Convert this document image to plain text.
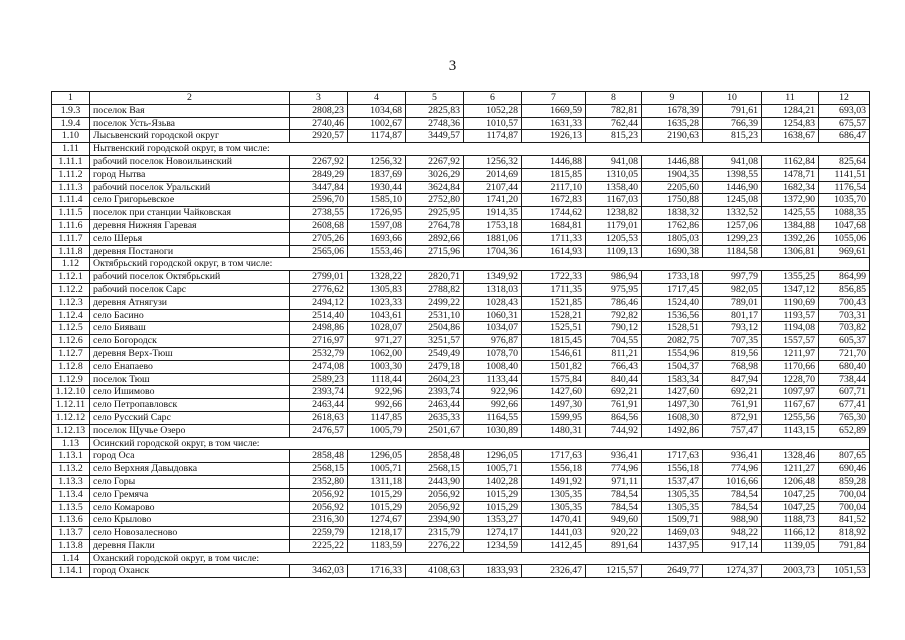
3
1	2	3	4	5	6	7	8	9	10	11	12
1.9.3	поселок Вая	2808,23	1034,68	2825,83	1052,28	1669,59	782,81	1678,39	791,61	1284,21	693,03
1.9.4	поселок Усть-Язьва	2740,46	1002,67	2748,36	1010,57	1631,33	762,44	1635,28	766,39	1254,83	675,57
1.10	Лысьвенский городской округ	2920,57	1174,87	3449,57	1174,87	1926,13	815,23	2190,63	815,23	1638,67	686,47
1.11	Нытвенский городской округ, в том числе:										
1.11.1	рабочий поселок Новоильинский	2267,92	1256,32	2267,92	1256,32	1446,88	941,08	1446,88	941,08	1162,84	825,64
1.11.2	город Нытва	2849,29	1837,69	3026,29	2014,69	1815,85	1310,05	1904,35	1398,55	1478,71	1141,51
1.11.3	рабочий поселок Уральский	3447,84	1930,44	3624,84	2107,44	2117,10	1358,40	2205,60	1446,90	1682,34	1176,54
1.11.4	село Григорьевское	2596,70	1585,10	2752,80	1741,20	1672,83	1167,03	1750,88	1245,08	1372,90	1035,70
1.11.5	поселок при станции Чайковская	2738,55	1726,95	2925,95	1914,35	1744,62	1238,82	1838,32	1332,52	1425,55	1088,35
1.11.6	деревня Нижняя Гаревая	2608,68	1597,08	2764,78	1753,18	1684,81	1179,01	1762,86	1257,06	1384,88	1047,68
1.11.7	село Шерья	2705,26	1693,66	2892,66	1881,06	1711,33	1205,53	1805,03	1299,23	1392,26	1055,06
1.11.8	деревня Постаноги	2565,06	1553,46	2715,96	1704,36	1614,93	1109,13	1690,38	1184,58	1306,81	969,61
1.12	Октябрьский городской округ, в том числе:										
1.12.1	рабочий поселок Октябрьский	2799,01	1328,22	2820,71	1349,92	1722,33	986,94	1733,18	997,79	1355,25	864,99
1.12.2	рабочий поселок Сарс	2776,62	1305,83	2788,82	1318,03	1711,35	975,95	1717,45	982,05	1347,12	856,85
1.12.3	деревня Атнягузи	2494,12	1023,33	2499,22	1028,43	1521,85	786,46	1524,40	789,01	1190,69	700,43
1.12.4	село Басино	2514,40	1043,61	2531,10	1060,31	1528,21	792,82	1536,56	801,17	1193,57	703,31
1.12.5	село Бияваш	2498,86	1028,07	2504,86	1034,07	1525,51	790,12	1528,51	793,12	1194,08	703,82
1.12.6	село Богородск	2716,97	971,27	3251,57	976,87	1815,45	704,55	2082,75	707,35	1557,57	605,37
1.12.7	деревня Верх-Тюш	2532,79	1062,00	2549,49	1078,70	1546,61	811,21	1554,96	819,56	1211,97	721,70
1.12.8	село Енапаево	2474,08	1003,30	2479,18	1008,40	1501,82	766,43	1504,37	768,98	1170,66	680,40
1.12.9	поселок Тюш	2589,23	1118,44	2604,23	1133,44	1575,84	840,44	1583,34	847,94	1228,70	738,44
1.12.10	село Ишимово	2393,74	922,96	2393,74	922,96	1427,60	692,21	1427,60	692,21	1097,97	607,71
1.12.11	село Петропавловск	2463,44	992,66	2463,44	992,66	1497,30	761,91	1497,30	761,91	1167,67	677,41
1.12.12	село Русский Сарс	2618,63	1147,85	2635,33	1164,55	1599,95	864,56	1608,30	872,91	1255,56	765,30
1.12.13	поселок Щучье Озеро	2476,57	1005,79	2501,67	1030,89	1480,31	744,92	1492,86	757,47	1143,15	652,89
1.13	Осинский городской округ, в том числе:										
1.13.1	город Оса	2858,48	1296,05	2858,48	1296,05	1717,63	936,41	1717,63	936,41	1328,46	807,65
1.13.2	село Верхняя Давыдовка	2568,15	1005,71	2568,15	1005,71	1556,18	774,96	1556,18	774,96	1211,27	690,46
1.13.3	село Горы	2352,80	1311,18	2443,90	1402,28	1491,92	971,11	1537,47	1016,66	1206,48	859,28
1.13.4	село Гремяча	2056,92	1015,29	2056,92	1015,29	1305,35	784,54	1305,35	784,54	1047,25	700,04
1.13.5	село Комарово	2056,92	1015,29	2056,92	1015,29	1305,35	784,54	1305,35	784,54	1047,25	700,04
1.13.6	село Крылово	2316,30	1274,67	2394,90	1353,27	1470,41	949,60	1509,71	988,90	1188,73	841,52
1.13.7	село Новозалесново	2259,79	1218,17	2315,79	1274,17	1441,03	920,22	1469,03	948,22	1166,12	818,92
1.13.8	деревня Пакли	2225,22	1183,59	2276,22	1234,59	1412,45	891,64	1437,95	917,14	1139,05	791,84
1.14	Оханский городской округ, в том числе:										
1.14.1	город Оханск	3462,03	1716,33	4108,63	1833,93	2326,47	1215,57	2649,77	1274,37	2003,73	1051,53
